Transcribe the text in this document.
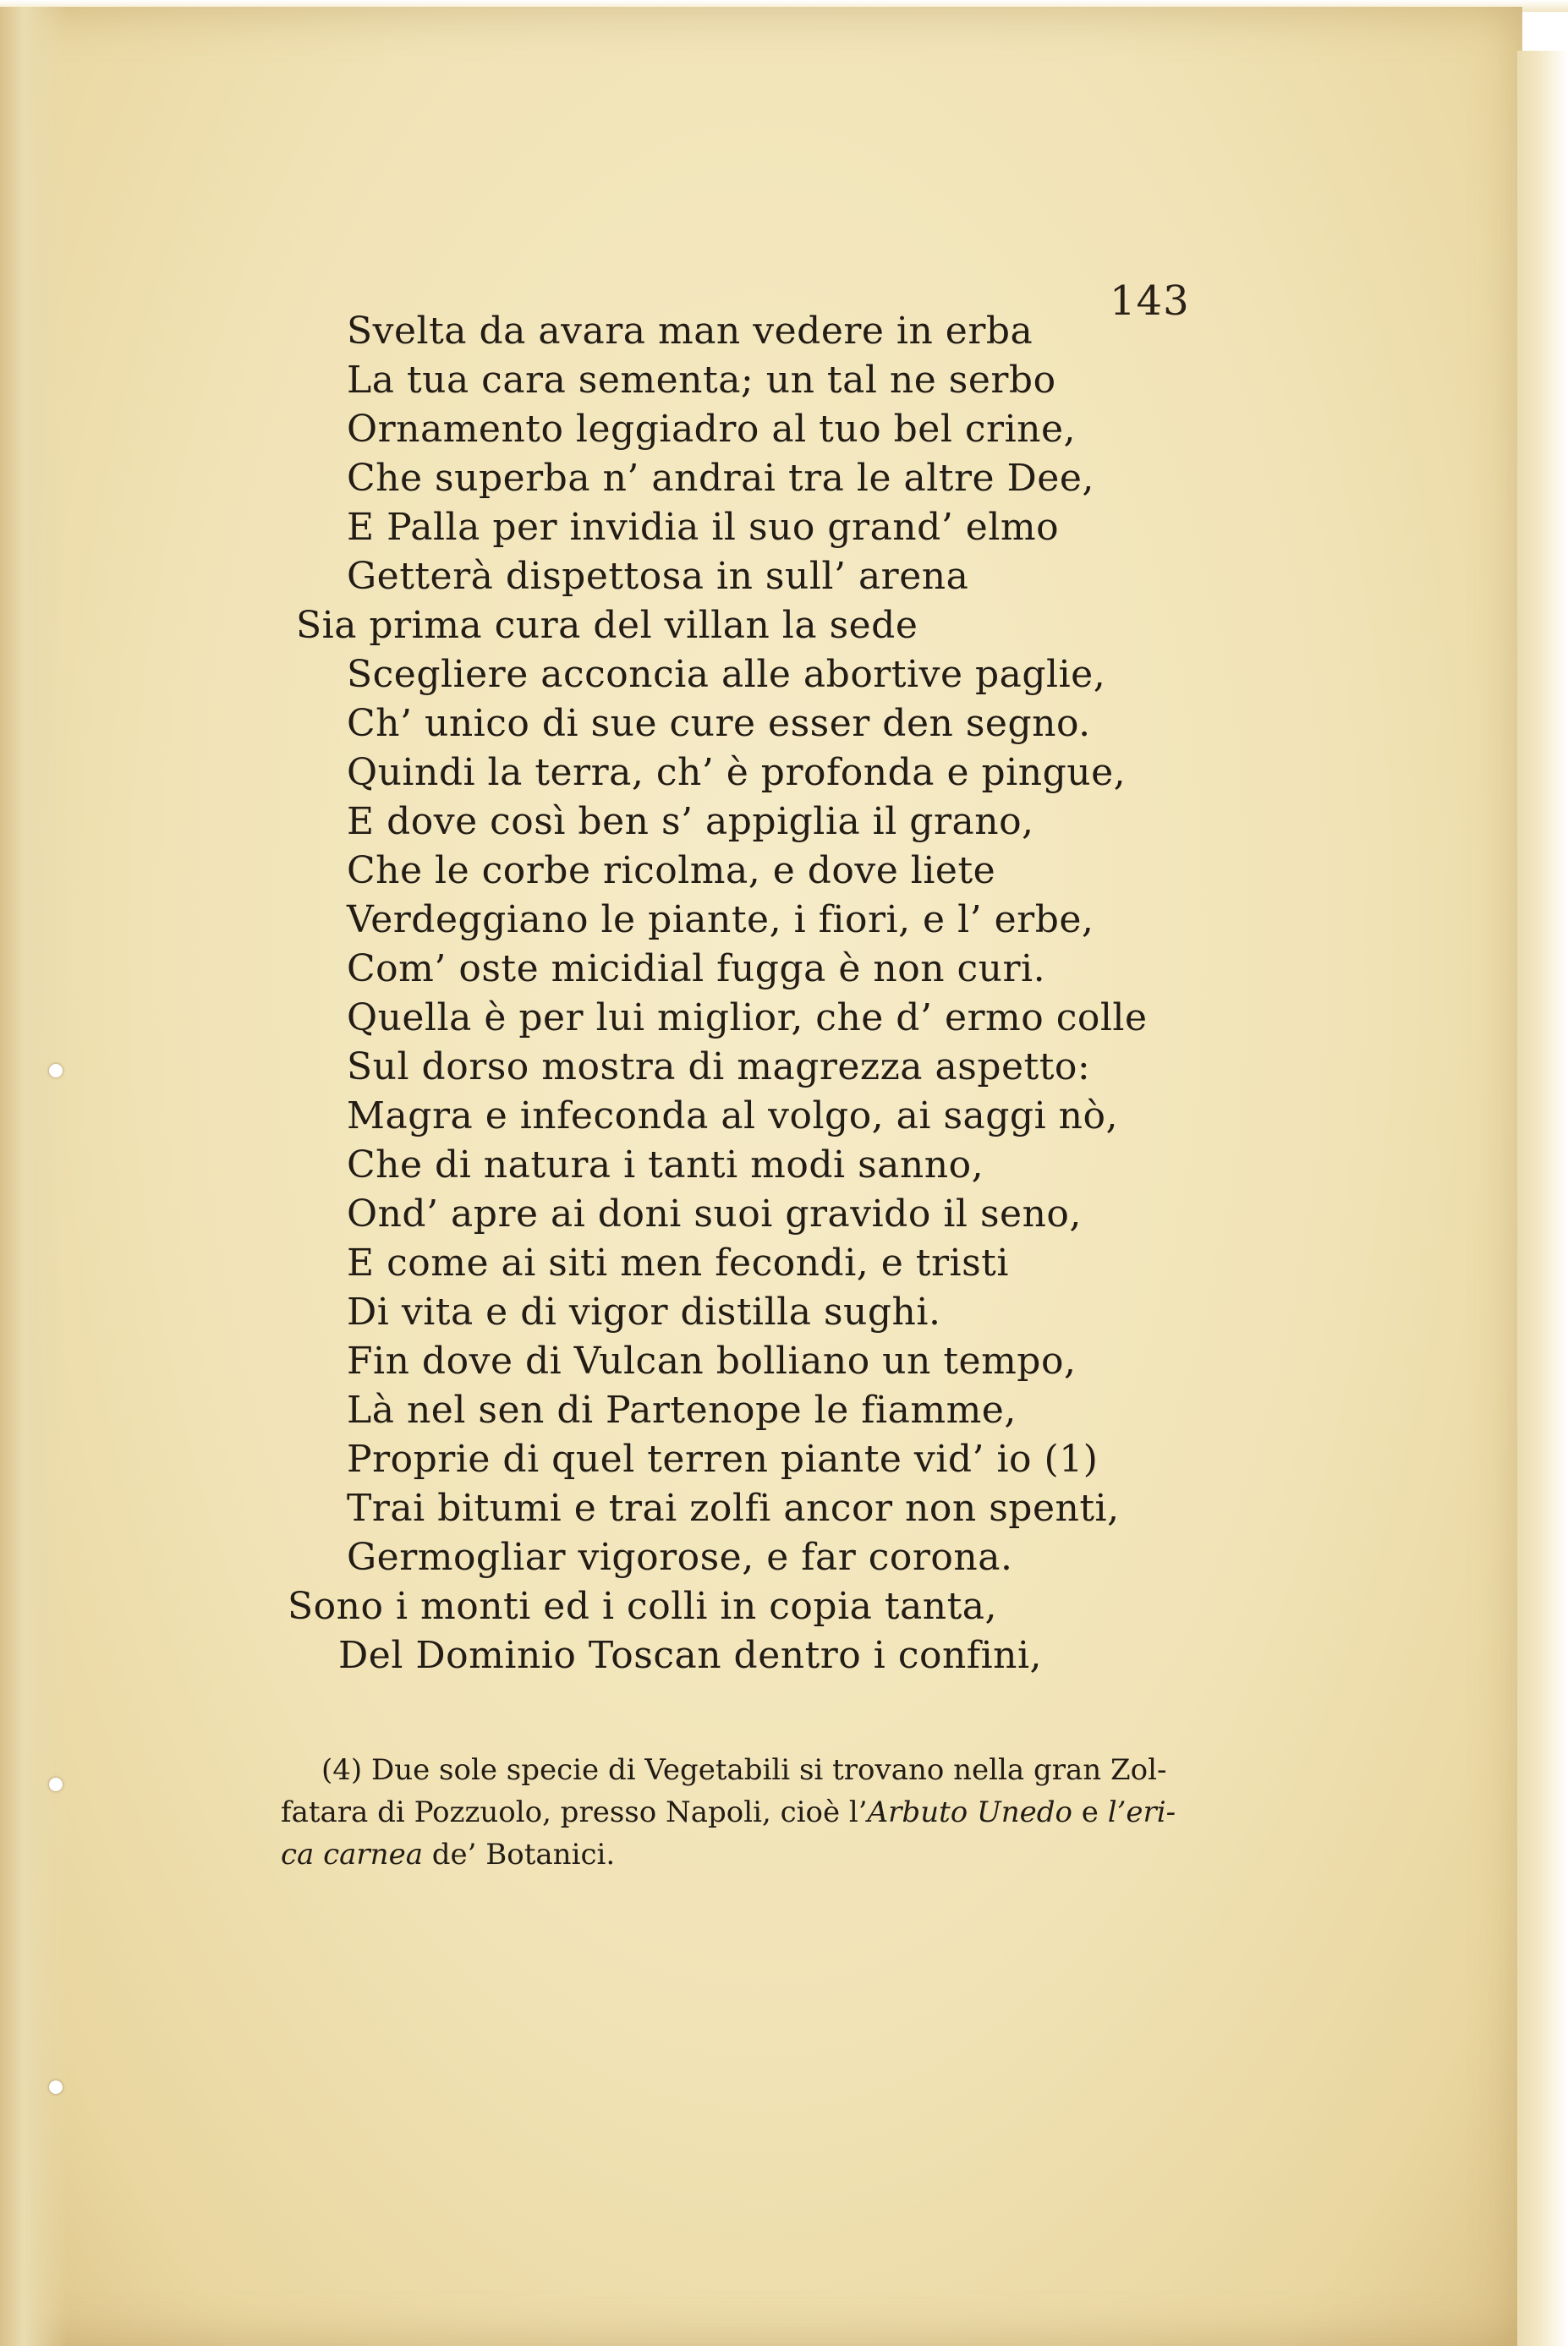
143
Svelta da avara man vedere in erba
La tua cara sementa; un tal ne serbo
Ornamento leggiadro al tuo bel crine,
Che superba n’ andrai tra le altre Dee,
E Palla per invidia il suo grand’ elmo
Getterà dispettosa in sull’ arena
Sia prima cura del villan la sede
Scegliere acconcia alle abortive paglie,
Ch’ unico di sue cure esser den segno.
Quindi la terra, ch’ è profonda e pingue,
E dove così ben s’ appiglia il grano,
Che le corbe ricolma, e dove liete
Verdeggiano le piante, i fiori, e l’ erbe,
Com’ oste micidial fugga è non curi.
Quella è per lui miglior, che d’ ermo colle
Sul dorso mostra di magrezza aspetto:
Magra e infeconda al volgo, ai saggi nò,
Che di natura i tanti modi sanno,
Ond’ apre ai doni suoi gravido il seno,
E come ai siti men fecondi, e tristi
Di vita e di vigor distilla sughi.
Fin dove di Vulcan bolliano un tempo,
Là nel sen di Partenope le fiamme,
Proprie di quel terren piante vid’ io (1)
Trai bitumi e trai zolfi ancor non spenti,
Germogliar vigorose, e far corona.
Sono i monti ed i colli in copia tanta,
Del Dominio Toscan dentro i confini,
(4) Due sole specie di Vegetabili si trovano nella gran Zol-
fatara di Pozzuolo, presso Napoli, cioè l’Arbuto Unedo e l’eri-
ca carnea de’ Botanici.
